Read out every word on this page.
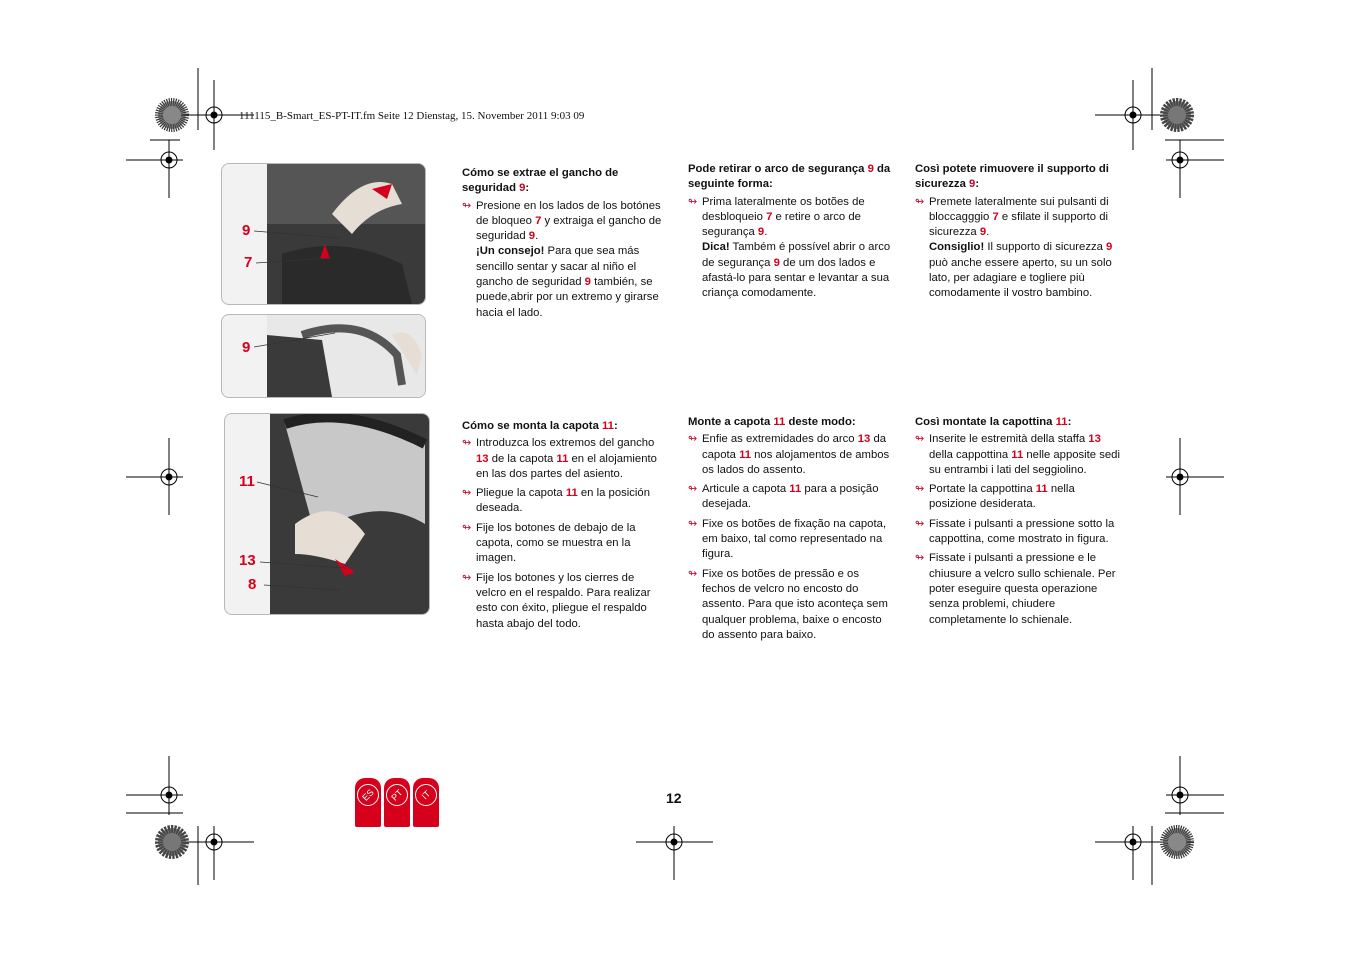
111115_B-Smart_ES-PT-IT.fm Seite 12 Dienstag, 15. November 2011 9:03 09
9
7
9
11
13
8
Cómo se extrae el gancho de seguridad 9:
↬ Presione en los lados de los botónes de bloqueo 7 y extraiga el gancho de seguridad 9.
¡Un consejo! Para que sea más sencillo sentar y sacar al niño el gancho de seguridad 9 también, se puede,abrir por un extremo y girarse hacia el lado.
Pode retirar o arco de segurança 9 da seguinte forma:
↬ Prima lateralmente os botões de desbloqueio 7 e retire o arco de segurança 9.
Dica! Também é possível abrir o arco de segurança 9 de um dos lados e afastá-lo para sentar e levantar a sua criança comodamente.
Così potete rimuovere il supporto di sicurezza 9:
↬ Premete lateralmente sui pulsanti di bloccagggio 7 e sfilate il supporto di sicurezza 9.
Consiglio! Il supporto di sicurezza 9 può anche essere aperto, su un solo lato, per adagiare e togliere più comodamente il vostro bambino.
Cómo se monta la capota 11:
↬ Introduzca los extremos del gancho 13 de la capota 11 en el alojamiento en las dos partes del asiento.
↬ Pliegue la capota 11 en la posición deseada.
↬ Fije los botones de debajo de la capota, como se muestra en la imagen.
↬ Fije los botones y los cierres de velcro en el respaldo. Para realizar esto con éxito, pliegue el respaldo hasta abajo del todo.
Monte a capota 11 deste modo:
↬ Enfie as extremidades do arco 13 da capota 11 nos alojamentos de ambos os lados do assento.
↬ Articule a capota 11 para a posição desejada.
↬ Fixe os botões de fixação na capota, em baixo, tal como representado na figura.
↬ Fixe os botões de pressão e os fechos de velcro no encosto do assento. Para que isto aconteça sem qualquer problema, baixe o encosto do assento para baixo.
Così montate la capottina 11:
↬ Inserite le estremità della staffa 13 della cappottina 11 nelle apposite sedi su entrambi i lati del seggiolino.
↬ Portate la cappottina 11 nella posizione desiderata.
↬ Fissate i pulsanti a pressione sotto la cappottina, come mostrato in figura.
↬ Fissate i pulsanti a pressione e le chiusure a velcro sullo schienale. Per poter eseguire questa operazione senza problemi, chiudere completamente lo schienale.
ES	PT	IT	12
